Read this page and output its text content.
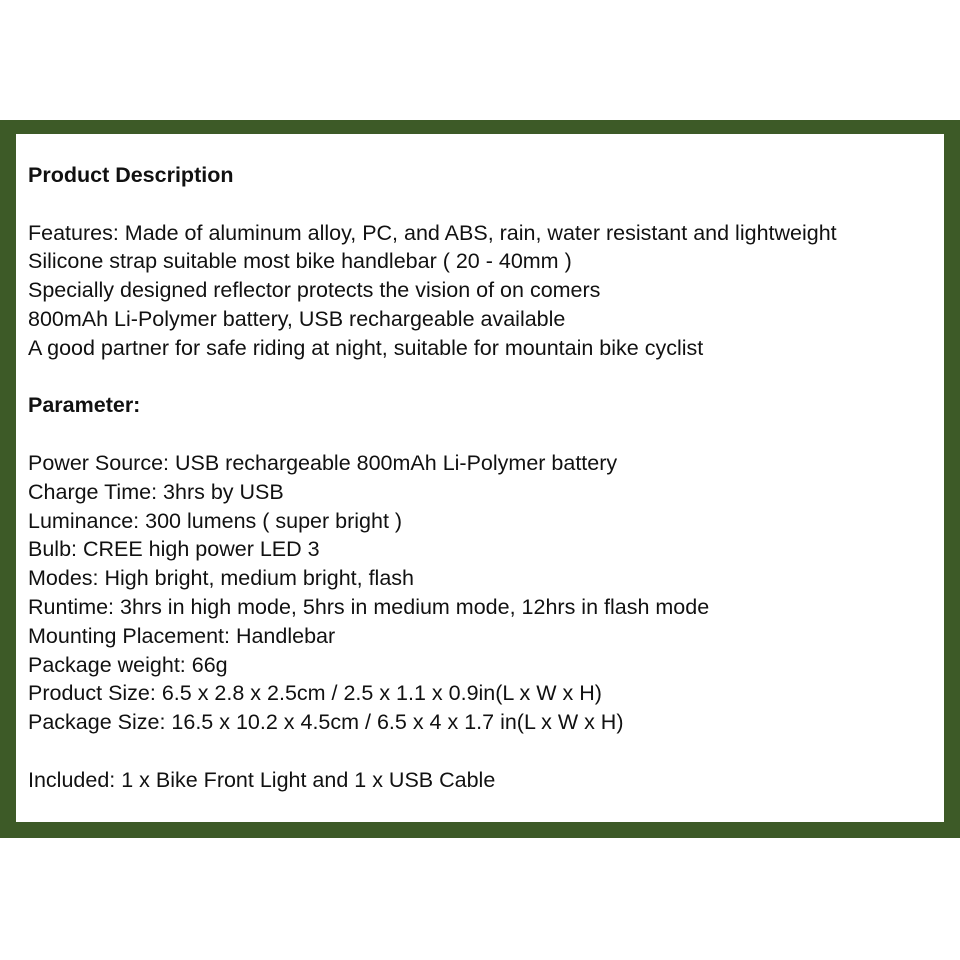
Product Description
Features: Made of aluminum alloy, PC, and ABS, rain, water resistant and lightweight
Silicone strap suitable most bike handlebar ( 20 - 40mm )
Specially designed reflector protects the vision of on comers
800mAh Li-Polymer battery, USB rechargeable available
A good partner for safe riding at night, suitable for mountain bike cyclist
Parameter:
Power Source: USB rechargeable 800mAh Li-Polymer battery
Charge Time: 3hrs by USB
Luminance: 300 lumens ( super bright )
Bulb: CREE high power LED 3
Modes: High bright, medium bright, flash
Runtime: 3hrs in high mode, 5hrs in medium mode, 12hrs in flash mode
Mounting Placement: Handlebar
Package weight: 66g
Product Size: 6.5 x 2.8 x 2.5cm / 2.5 x 1.1 x 0.9in(L x W x H)
Package Size: 16.5 x 10.2 x 4.5cm / 6.5 x 4 x 1.7 in(L x W x H)
Included: 1 x Bike Front Light and 1 x USB Cable
